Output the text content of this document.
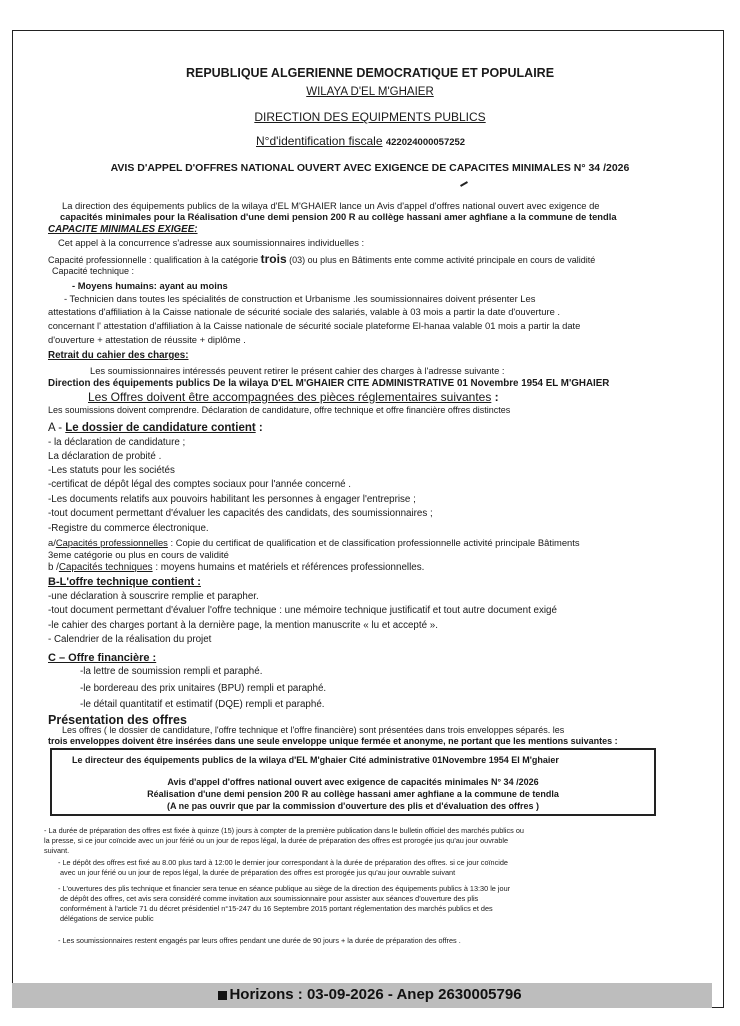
REPUBLIQUE ALGERIENNE DEMOCRATIQUE ET POPULAIRE
WILAYA D'EL M'GHAIER
DIRECTION DES EQUIPMENTS PUBLICS
N°d'identification fiscale 422024000057252
AVIS D'APPEL D'OFFRES NATIONAL OUVERT AVEC EXIGENCE DE CAPACITES MINIMALES N° 34 /2026
La direction des équipements publics de la wilaya d'EL M'GHAIER lance un Avis d'appel d'offres national ouvert avec exigence de
capacités minimales pour la Réalisation d'une demi pension 200 R au collège hassani amer aghfiane a la commune de tendla
CAPACITE MINIMALES EXIGEE:
Cet appel à la concurrence s'adresse aux soumissionnaires individuelles :
Capacité professionnelle : qualification à la catégorie trois (03) ou plus en Bâtiments ente comme activité principale en cours de validité
Capacité technique :
- Moyens humains: ayant au moins
- Technicien dans toutes les spécialités de construction et Urbanisme .les soumissionnaires doivent présenter Les
attestations d'affiliation à la Caisse nationale de sécurité sociale des salariés, valable à 03 mois a partir la date d'ouverture .
concernant l' attestation d'affiliation à la Caisse nationale de sécurité sociale plateforme El-hanaa valable 01 mois a partir la date
d'ouverture + attestation de réussite + diplôme .
Retrait du cahier des charges:
Les soumissionnaires intéressés peuvent retirer le présent cahier des charges à l'adresse suivante :
Direction des équipements publics De la wilaya D'EL M'GHAIER CITE ADMINISTRATIVE 01 Novembre 1954 EL M'GHAIER
Les Offres doivent être accompagnées des pièces réglementaires suivantes :
Les soumissions doivent comprendre. Déclaration de candidature, offre technique et offre financière offres distinctes
A - Le dossier de candidature contient :
- la déclaration de candidature ;
La déclaration de probité .
-Les statuts pour les sociétés
-certificat de dépôt légal des comptes sociaux pour l'année concerné .
-Les documents relatifs aux pouvoirs habilitant les personnes à engager l'entreprise ;
-tout document permettant d'évaluer les capacités des candidats, des soumissionnaires ;
-Registre du commerce électronique.
a/Capacités professionnelles : Copie du certificat de qualification et de classification professionnelle activité principale Bâtiments
3eme catégorie ou plus en cours de validité
b /Capacités techniques : moyens humains et matériels et références professionnelles.
B-L'offre technique contient :
-une déclaration à souscrire remplie et parapher.
-tout document permettant d'évaluer l'offre technique : une mémoire technique justificatif et tout autre document exigé
-le cahier des charges portant à la dernière page, la mention manuscrite « lu et accepté ».
- Calendrier de la réalisation du projet
C – Offre financière :
-la lettre de soumission rempli et paraphé.
-le bordereau des prix unitaires (BPU) rempli et paraphé.
-le détail quantitatif et estimatif (DQE) rempli et paraphé.
Présentation des offres
Les offres ( le dossier de candidature, l'offre technique et l'offre financière) sont présentées dans trois enveloppes séparés. les
trois enveloppes doivent être insérées dans une seule enveloppe unique fermée et anonyme, ne portant que les mentions suivantes :
Le directeur des équipements publics de la wilaya d'EL M'ghaier Cité administrative 01Novembre 1954 El M'ghaier
Avis d'appel d'offres national ouvert avec exigence de capacités minimales N° 34 /2026
Réalisation d'une demi pension 200 R au collège hassani amer aghfiane a la commune de tendla
(A ne pas ouvrir que par la commission d'ouverture des plis et d'évaluation des offres )
- La durée de préparation des offres est fixée à quinze (15) jours à compter de la première publication dans le bulletin officiel des marchés publics ou
la presse, si ce jour coïncide avec un jour férié ou un jour de repos légal, la durée de préparation des offres est prorogée jus qu'au jour ouvrable
suivant.
- Le dépôt des offres est fixé au 8.00 plus tard à 12:00 le dernier jour correspondant à la durée de préparation des offres. si ce jour coïncide
avec un jour férié ou un jour de repos légal, la durée de préparation des offres est prorogée jus qu'au jour ouvrable suivant
- L'ouvertures des plis technique et financier sera tenue en séance publique au siège de la direction des équipements publics à 13:30 le jour
de dépôt des offres, cet avis sera considéré comme invitation aux soumissionnaire pour assister aux séances d'ouverture des plis
conformément à l'article 71 du décret présidentiel n°15-247 du 16 Septembre 2015 portant réglementation des marchés publics et des
délégations de service public
- Les soumissionnaires restent engagés par leurs offres pendant une durée de 90 jours + la durée de préparation des offres .
Horizons : 03-09-2026 - Anep 2630005796
